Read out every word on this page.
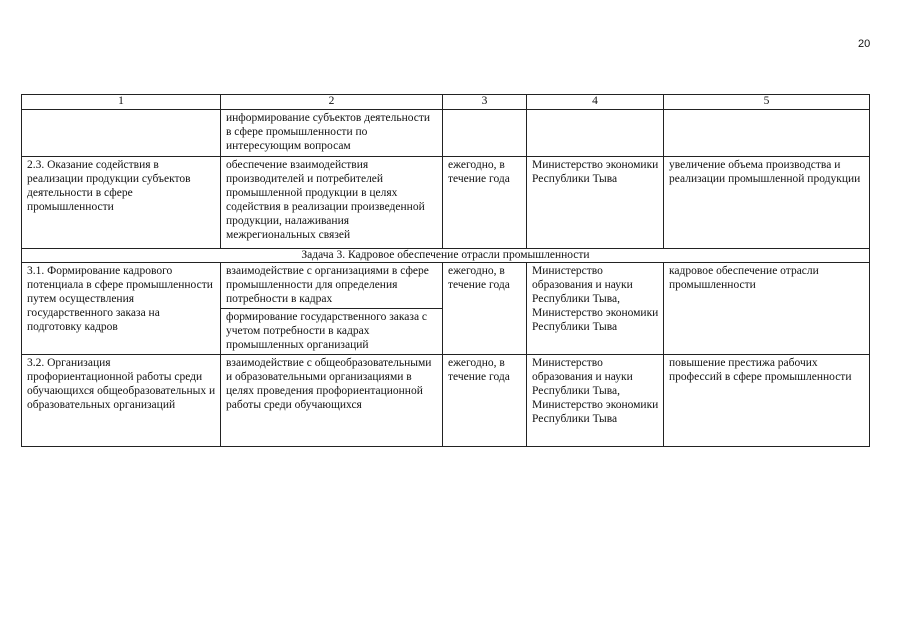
20
1	2	3	4	5
	информирование субъектов деятельности в сфере промышленности по интересующим вопросам			
2.3. Оказание содействия в реализации продукции субъектов деятельности в сфере промышленности	обеспечение взаимодействия производителей и потребителей промышленной продукции в целях содействия в реализации произведенной продукции, налаживания межрегиональных связей	ежегодно, в течение года	Министерство экономики Республики Тыва	увеличение объема производства и реализации промышленной продукции
Задача 3. Кадровое обеспечение отрасли промышленности				
3.1. Формирование кадрового потенциала в сфере промышленности путем осуществления государственного заказа на подготовку кадров	взаимодействие с организациями в сфере промышленности для определения потребности в кадрах	ежегодно, в течение года	Министерство образования и науки Республики Тыва, Министерство экономики Республики Тыва	кадровое обеспечение отрасли промышленности
	формирование государственного заказа с учетом потребности в кадрах промышленных организаций			
3.2. Организация профориентационной работы среди обучающихся общеобразовательных и образовательных организаций	взаимодействие с общеобразовательными и образовательными организациями в целях проведения профориентационной работы среди обучающихся	ежегодно, в течение года	Министерство образования и науки Республики Тыва, Министерство экономики Республики Тыва	повышение престижа рабочих профессий в сфере промышленности
